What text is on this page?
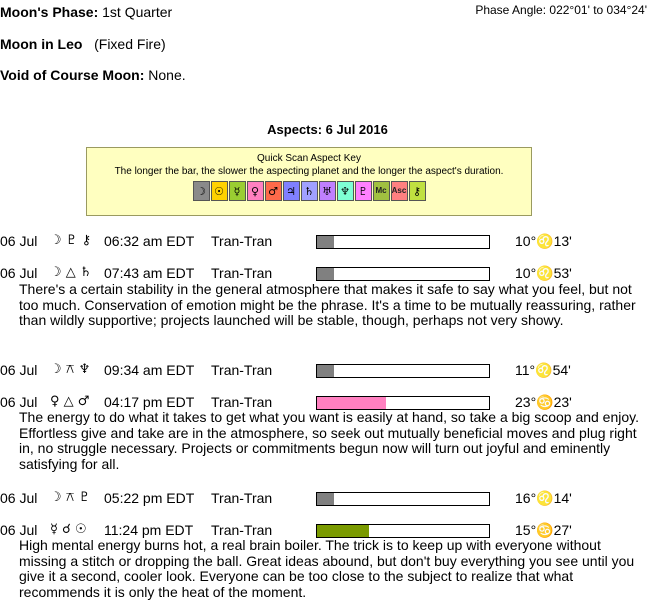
Moon's Phase: 1st Quarter	Phase Angle: 022°01' to 034°24'
Moon in Leo (Fixed Fire)
Void of Course Moon: None.
Aspects: 6 Jul 2016
Quick Scan Aspect Key
The longer the bar, the slower the aspecting planet and the longer the aspect's duration.
☽ ☉ ☿ ♀ ♂ ♃ ♄ ♅ ♆ ♇ Mc Asc ⚷
06 Jul ☽ ♇ ⚷ 06:32 am EDT Tran-Tran	10°♌13'
06 Jul ☽ △ ♄ 07:43 am EDT Tran-Tran	10°♌53'
There's a certain stability in the general atmosphere that makes it safe to say what you feel, but not too much. Conservation of emotion might be the phrase. It's a time to be mutually reassuring, rather than wildly supportive; projects launched will be stable, though, perhaps not very showy.
06 Jul ☽ ⚻ ♆ 09:34 am EDT Tran-Tran	11°♌54'
06 Jul ♀ △ ♂ 04:17 pm EDT Tran-Tran	23°♋23'
The energy to do what it takes to get what you want is easily at hand, so take a big scoop and enjoy. Effortless give and take are in the atmosphere, so seek out mutually beneficial moves and plug right in, no struggle necessary. Projects or commitments begun now will turn out joyful and eminently satisfying for all.
06 Jul ☽ ⚻ ♇ 05:22 pm EDT Tran-Tran	16°♌14'
06 Jul ☿ ☌ ☉ 11:24 pm EDT Tran-Tran	15°♋27'
High mental energy burns hot, a real brain boiler. The trick is to keep up with everyone without missing a stitch or dropping the ball. Great ideas abound, but don't buy everything you see until you give it a second, cooler look. Everyone can be too close to the subject to realize that what recommends it is only the heat of the moment.
